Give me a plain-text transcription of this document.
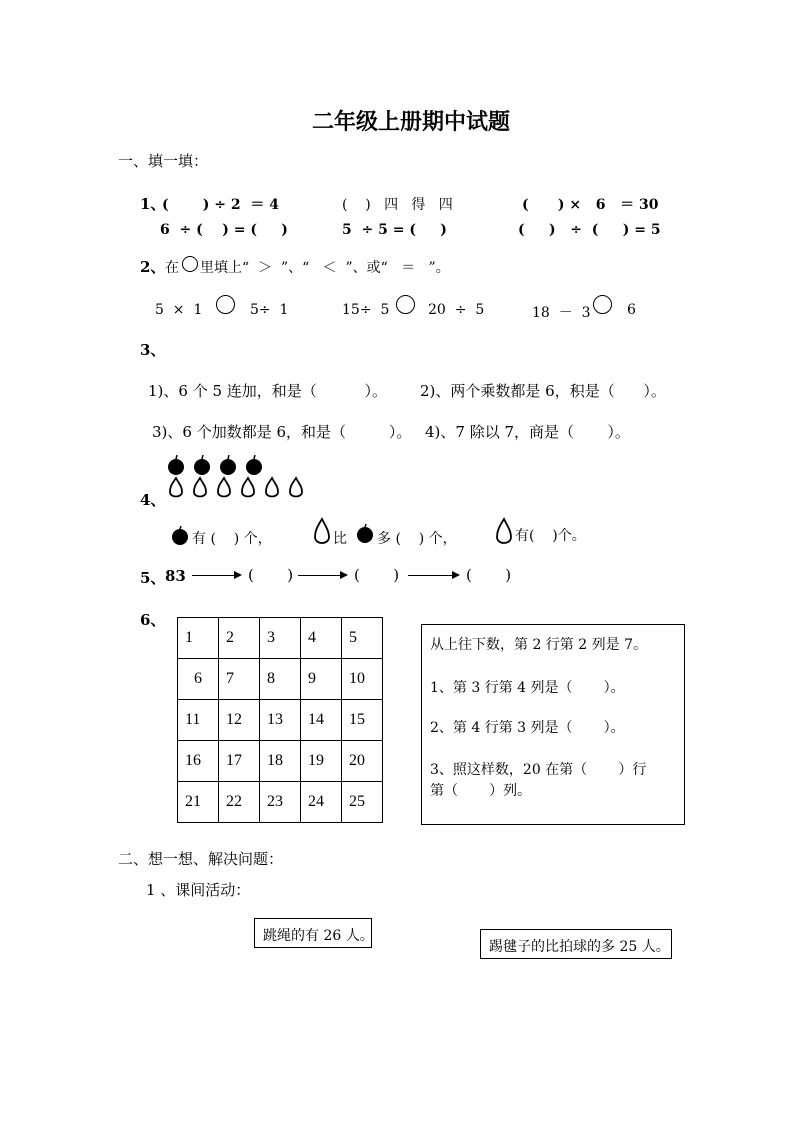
二年级上册期中试题
一、填一填：
1、
(       ) ÷ 2  ＝ 4	(    )   四   得   四	(      ) ×   6   ＝ 30
6  ÷ (    ) = (     )	5  ÷ 5 = (     )	(     )   ÷  (     ) = 5
2、 在 里填上“  ＞  ”、“   ＜  ”、或“   ＝   ”。
5  ×  1	5÷  1	15÷  5	20  ÷  5	18  －  3	6
3、
1)、6 个 5 连加，和是（          ）。 2)、两个乘数都是 6，积是（      ）。
3)、6 个加数都是 6，和是（         ）。 4)、7 除以 7，商是（       ）。
4、
有 (    ) 个，	比 多 (    ) 个，	有(    )个。
5、 83	(       )	(       )	(       )
6、
1	2	3	4	5
6	7	8	9	10
11	12	13	14	15
16	17	18	19	20
21	22	23	24	25
从上往下数，第 2 行第 2 列是 7。
1、第 3 行第 4 列是（       ）。
2、第 4 行第 3 列是（       ）。
3、照这样数，20 在第（       ）行
第（       ）列。
二、想一想、解决问题：
1 、课间活动：
跳绳的有 26 人。
踢毽子的比拍球的多 25 人。
